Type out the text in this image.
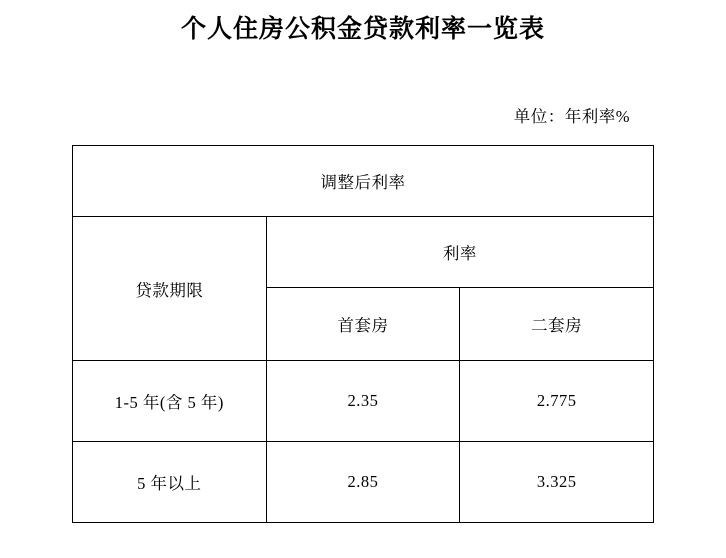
个人住房公积金贷款利率一览表

单位：年利率%

调整后利率		
贷款期限	利率	
	首套房	二套房
1-5 年(含 5 年)	2.35	2.775
5 年以上	2.85	3.325
